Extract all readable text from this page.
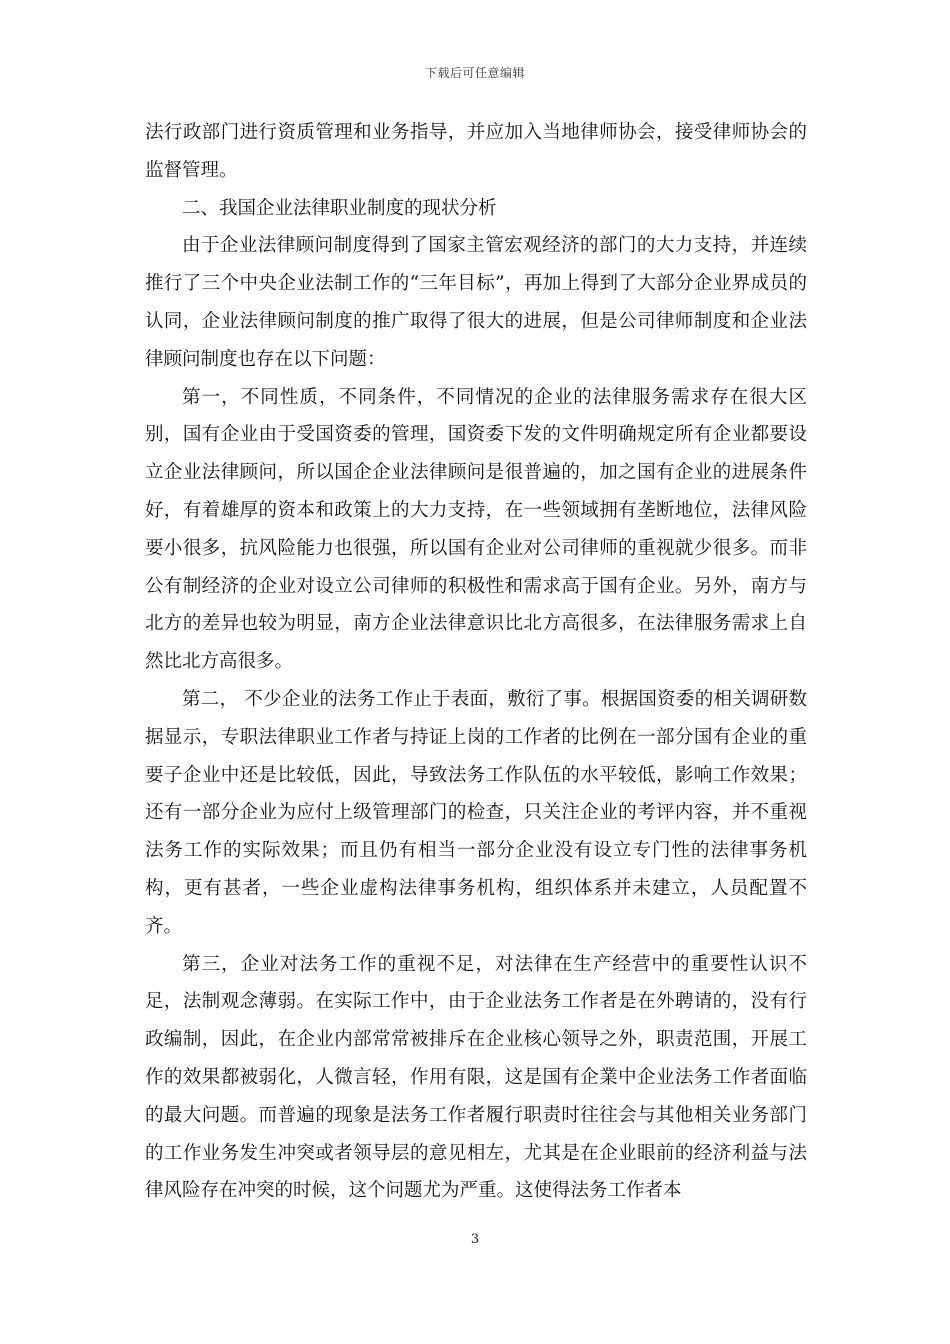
下载后可任意编辑

法行政部门进行资质管理和业务指导，并应加入当地律师协会，接受律师协会的监督管理。

二、我国企业法律职业制度的现状分析

由于企业法律顾问制度得到了国家主管宏观经济的部门的大力支持，并连续推行了三个中央企业法制工作的“三年目标”，再加上得到了大部分企业界成员的认同，企业法律顾问制度的推广取得了很大的进展，但是公司律师制度和企业法律顾问制度也存在以下问题：

第一，不同性质，不同条件，不同情况的企业的法律服务需求存在很大区别，国有企业由于受国资委的管理，国资委下发的文件明确规定所有企业都要设立企业法律顾问，所以国企企业法律顾问是很普遍的，加之国有企业的进展条件好，有着雄厚的资本和政策上的大力支持，在一些领域拥有垄断地位，法律风险要小很多，抗风险能力也很强，所以国有企业对公司律师的重视就少很多。而非公有制经济的企业对设立公司律师的积极性和需求高于国有企业。另外，南方与北方的差异也较为明显，南方企业法律意识比北方高很多，在法律服务需求上自然比北方高很多。

第二， 不少企业的法务工作止于表面，敷衍了事。根据国资委的相关调研数据显示，专职法律职业工作者与持证上岗的工作者的比例在一部分国有企业的重要子企业中还是比较低，因此，导致法务工作队伍的水平较低，影响工作效果；还有一部分企业为应付上级管理部门的检查，只关注企业的考评内容，并不重视法务工作的实际效果；而且仍有相当一部分企业没有设立专门性的法律事务机构，更有甚者，一些企业虚构法律事务机构，组织体系并未建立，人员配置不齐。

第三，企业对法务工作的重视不足，对法律在生产经营中的重要性认识不足，法制观念薄弱。在实际工作中，由于企业法务工作者是在外聘请的，没有行政编制，因此，在企业内部常常被排斥在企业核心领导之外，职责范围，开展工作的效果都被弱化，人微言轻，作用有限，这是国有企業中企业法务工作者面临的最大问题。而普遍的现象是法务工作者履行职责时往往会与其他相关业务部门的工作业务发生冲突或者领导层的意见相左，尤其是在企业眼前的经济利益与法律风险存在冲突的时候，这个问题尤为严重。这使得法务工作者本

3
